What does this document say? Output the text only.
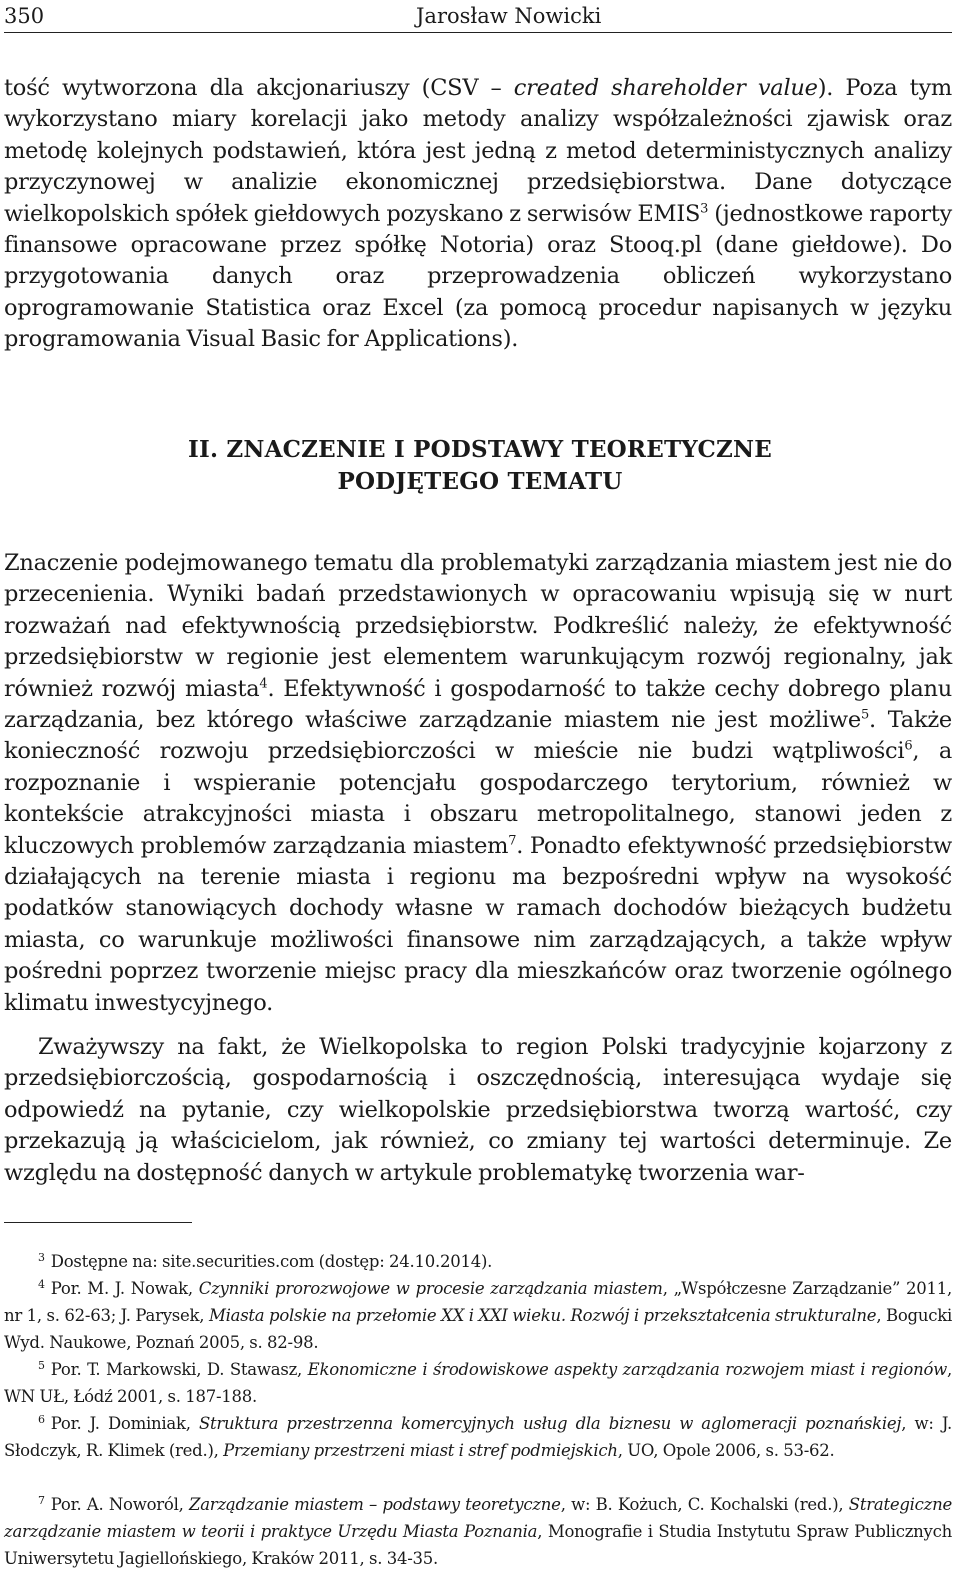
350	Jarosław Nowicki

tość wytworzona dla akcjonariuszy (CSV – created shareholder value). Poza tym wykorzystano miary korelacji jako metody analizy współzależności zjawisk oraz metodę kolejnych podstawień, która jest jedną z metod deterministycznych analizy przyczynowej w analizie ekonomicznej przedsiębiorstwa. Dane dotyczące wielkopolskich spółek giełdowych pozyskano z serwisów EMIS$^3$ (jednostkowe raporty finansowe opracowane przez spółkę Notoria) oraz Stooq.pl (dane giełdowe). Do przygotowania danych oraz przeprowadzenia obliczeń wykorzystano oprogramowanie Statistica oraz Excel (za pomocą procedur napisanych w języku programowania Visual Basic for Applications).

II. ZNACZENIE I PODSTAWY TEORETYCZNE
PODJĘTEGO TEMATU

Znaczenie podejmowanego tematu dla problematyki zarządzania miastem jest nie do przecenienia. Wyniki badań przedstawionych w opracowaniu wpisują się w nurt rozważań nad efektywnością przedsiębiorstw. Podkreślić należy, że efektywność przedsiębiorstw w regionie jest elementem warunkującym rozwój regionalny, jak również rozwój miasta$^4$. Efektywność i gospodarność to także cechy dobrego planu zarządzania, bez którego właściwe zarządzanie miastem nie jest możliwe$^5$. Także konieczność rozwoju przedsiębiorczości w mieście nie budzi wątpliwości$^6$, a rozpoznanie i wspieranie potencjału gospodarczego terytorium, również w kontekście atrakcyjności miasta i obszaru metropolitalnego, stanowi jeden z kluczowych problemów zarządzania miastem$^7$. Ponadto efektywność przedsiębiorstw działających na terenie miasta i regionu ma bezpośredni wpływ na wysokość podatków stanowiących dochody własne w ramach dochodów bieżących budżetu miasta, co warunkuje możliwości finansowe nim zarządzających, a także wpływ pośredni poprzez tworzenie miejsc pracy dla mieszkańców oraz tworzenie ogólnego klimatu inwestycyjnego.

Zważywszy na fakt, że Wielkopolska to region Polski tradycyjnie kojarzony z przedsiębiorczością, gospodarnością i oszczędnością, interesująca wydaje się odpowiedź na pytanie, czy wielkopolskie przedsiębiorstwa tworzą wartość, czy przekazują ją właścicielom, jak również, co zmiany tej wartości determinuje. Ze względu na dostępność danych w artykule problematykę tworzenia war-

$^3$ Dostępne na: site.securities.com (dostęp: 24.10.2014).

$^4$ Por. M. J. Nowak, Czynniki prorozwojowe w procesie zarządzania miastem, „Współczesne Zarządzanie” 2011, nr 1, s. 62-63; J. Parysek, Miasta polskie na przełomie XX i XXI wieku. Rozwój i przekształcenia strukturalne, Bogucki Wyd. Naukowe, Poznań 2005, s. 82-98.

$^5$ Por. T. Markowski, D. Stawasz, Ekonomiczne i środowiskowe aspekty zarządzania rozwojem miast i regionów, WN UŁ, Łódź 2001, s. 187-188.

$^6$ Por. J. Dominiak, Struktura przestrzenna komercyjnych usług dla biznesu w aglomeracji poznańskiej, w: J. Słodczyk, R. Klimek (red.), Przemiany przestrzeni miast i stref podmiejskich, UO, Opole 2006, s. 53-62.

$^7$ Por. A. Noworól, Zarządzanie miastem – podstawy teoretyczne, w: B. Kożuch, C. Kochalski (red.), Strategiczne zarządzanie miastem w teorii i praktyce Urzędu Miasta Poznania, Monografie i Studia Instytutu Spraw Publicznych Uniwersytetu Jagiellońskiego, Kraków 2011, s. 34-35.
